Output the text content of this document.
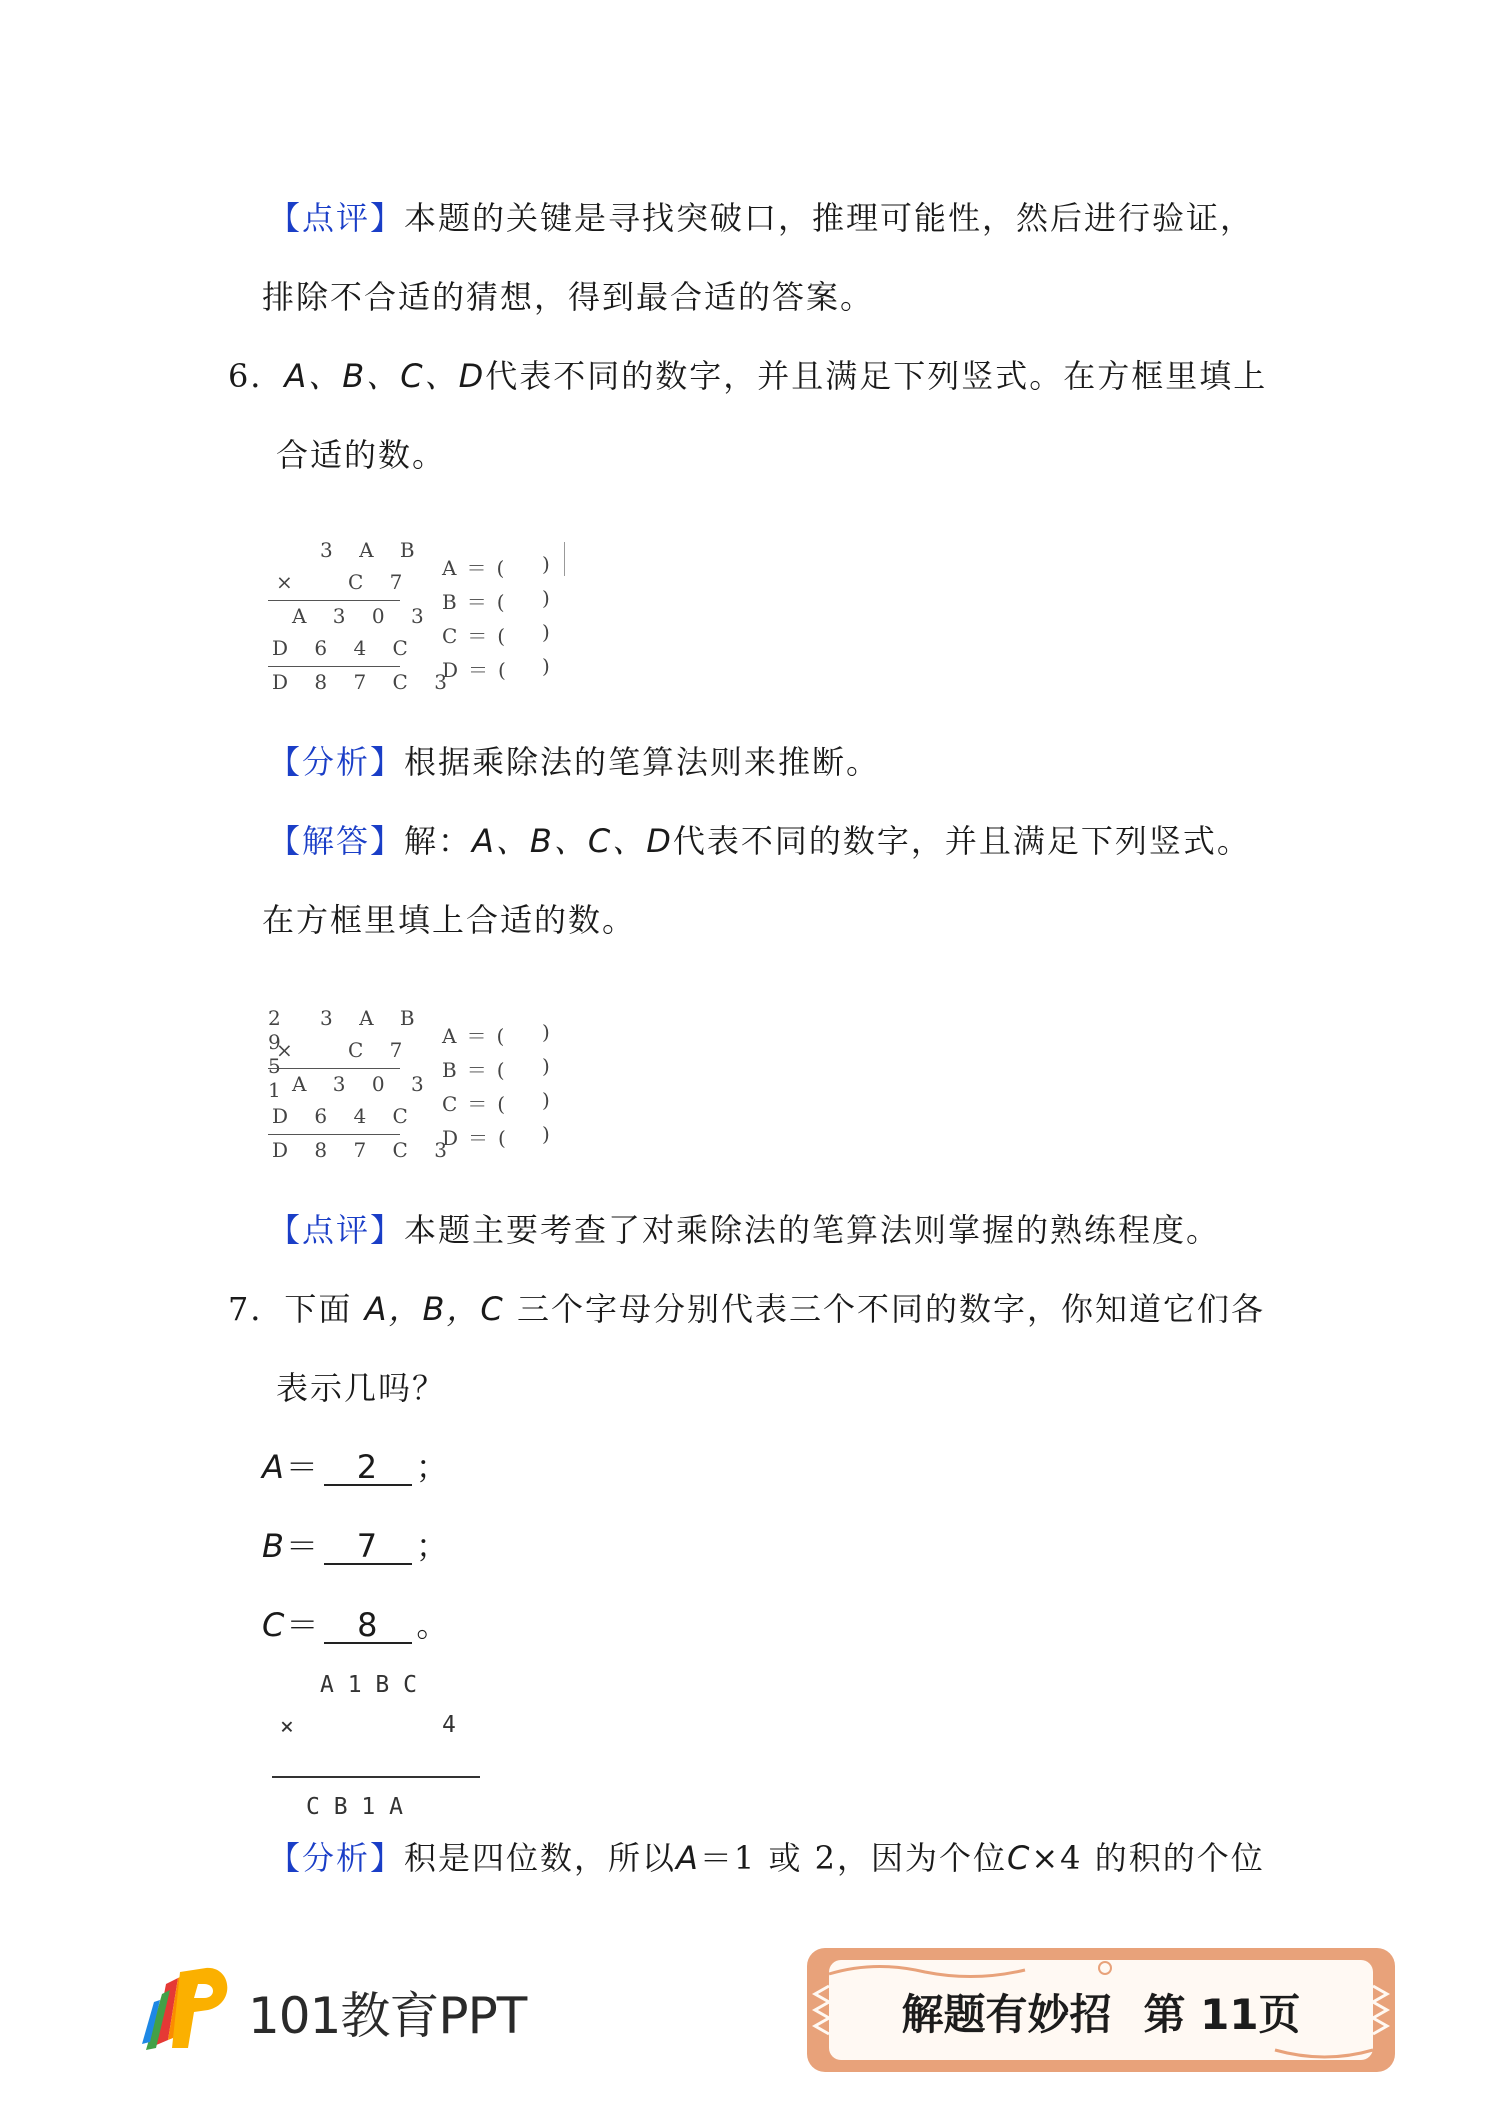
【点评】本题的关键是寻找突破口，推理可能性，然后进行验证，
排除不合适的猜想，得到最合适的答案。
6．A、B、C、D代表不同的数字，并且满足下列竖式。在方框里填上
合适的数。
3 A B
× C 7
A 3 0 3
D 6 4 C
D 8 7 C 3
A＝( )
B＝( )
C＝( )
D＝( )
【分析】根据乘除法的笔算法则来推断。
【解答】解：A、B、C、D代表不同的数字，并且满足下列竖式。
在方框里填上合适的数。
3 A B
× C 7
A 3 0 3
D 6 4 C
D 8 7 C 3
A＝(
2
)
B＝(
9
)
C＝(
5
)
D＝(
1
)
【点评】本题主要考查了对乘除法的笔算法则掌握的熟练程度。
7．下面 A，B，C 三个字母分别代表三个不同的数字，你知道它们各
表示几吗？
A＝ 2 ；
B＝ 7 ；
C＝ 8 。
A 1 B C
×	4
C B 1 A
【分析】积是四位数，所以A＝1 或 2，因为个位C×4 的积的个位
101教育PPT	解题有妙招 第 11页
